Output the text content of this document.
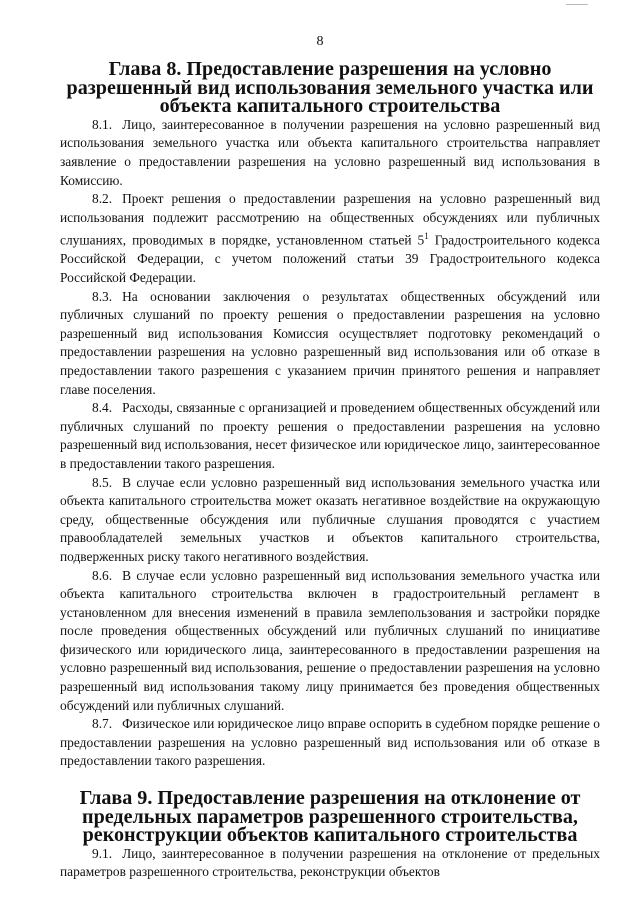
8
Глава 8. Предоставление разрешения на условно разрешенный вид использования земельного участка или объекта капитального строительства

8.1. Лицо, заинтересованное в получении разрешения на условно разрешенный вид использования земельного участка или объекта капитального строительства направляет заявление о предоставлении разрешения на условно разрешенный вид использования в Комиссию.

8.2. Проект решения о предоставлении разрешения на условно разрешенный вид использования подлежит рассмотрению на общественных обсуждениях или публичных слушаниях, проводимых в порядке, установленном статьей $5^1$ Градостроительного кодекса Российской Федерации, с учетом положений статьи 39 Градостроительного кодекса Российской Федерации.

8.3. На основании заключения о результатах общественных обсуждений или публичных слушаний по проекту решения о предоставлении разрешения на условно разрешенный вид использования Комиссия осуществляет подготовку рекомендаций о предоставлении разрешения на условно разрешенный вид использования или об отказе в предоставлении такого разрешения с указанием причин принятого решения и направляет главе поселения.

8.4. Расходы, связанные с организацией и проведением общественных обсуждений или публичных слушаний по проекту решения о предоставлении разрешения на условно разрешенный вид использования, несет физическое или юридическое лицо, заинтересованное в предоставлении такого разрешения.

8.5. В случае если условно разрешенный вид использования земельного участка или объекта капитального строительства может оказать негативное воздействие на окружающую среду, общественные обсуждения или публичные слушания проводятся с участием правообладателей земельных участков и объектов капитального строительства, подверженных риску такого негативного воздействия.

8.6. В случае если условно разрешенный вид использования земельного участка или объекта капитального строительства включен в градостроительный регламент в установленном для внесения изменений в правила землепользования и застройки порядке после проведения общественных обсуждений или публичных слушаний по инициативе физического или юридического лица, заинтересованного в предоставлении разрешения на условно разрешенный вид использования, решение о предоставлении разрешения на условно разрешенный вид использования такому лицу принимается без проведения общественных обсуждений или публичных слушаний.

8.7. Физическое или юридическое лицо вправе оспорить в судебном порядке решение о предоставлении разрешения на условно разрешенный вид использования или об отказе в предоставлении такого разрешения.

Глава 9. Предоставление разрешения на отклонение от предельных параметров разрешенного строительства, реконструкции объектов капитального строительства

9.1. Лицо, заинтересованное в получении разрешения на отклонение от предельных параметров разрешенного строительства, реконструкции объектов
